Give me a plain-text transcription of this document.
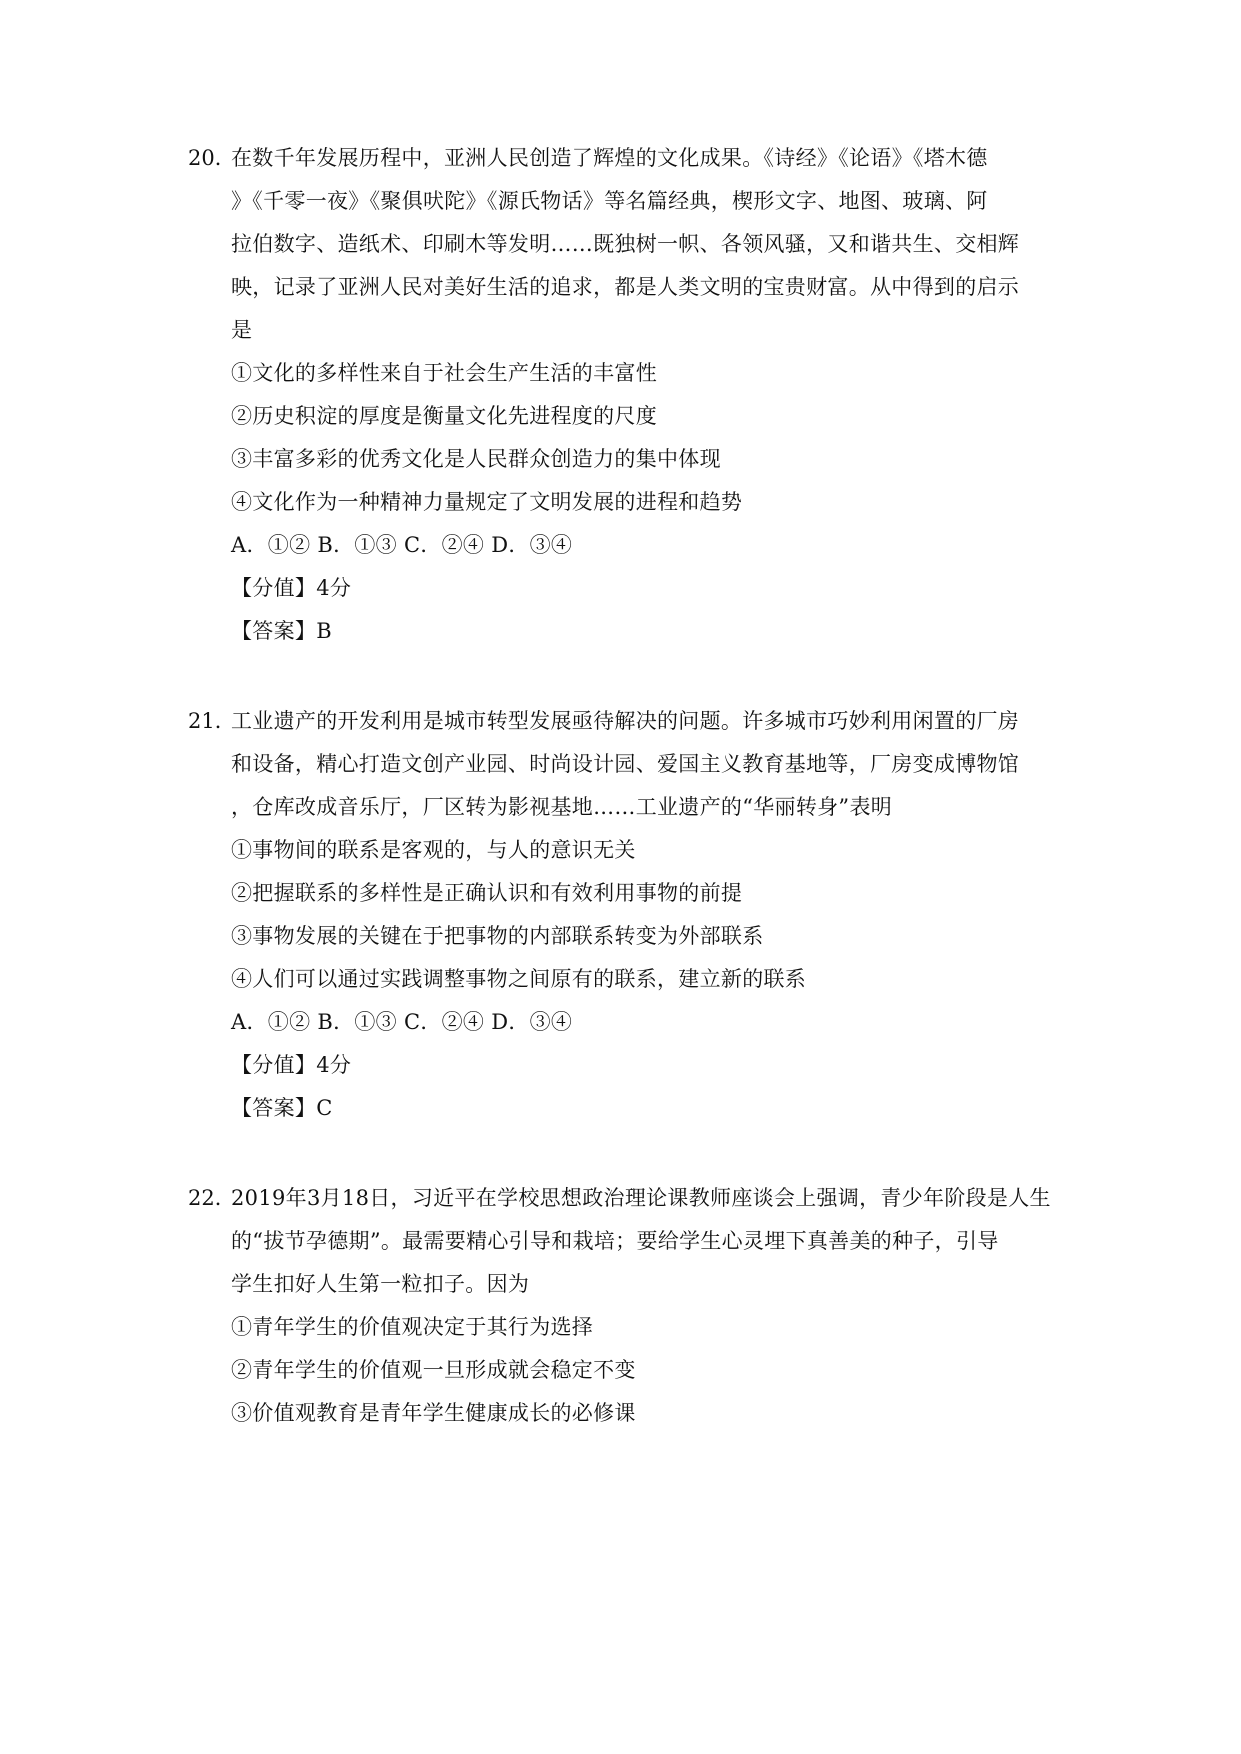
20．
在数千年发展历程中，亚洲人民创造了辉煌的文化成果。《诗经》《论语》《塔木德
》《千零一夜》《聚俱吠陀》《源氏物话》等名篇经典，楔形文字、地图、玻璃、阿
拉伯数字、造纸术、印刷木等发明……既独树一帜、各领风骚，又和谐共生、交相辉
映，记录了亚洲人民对美好生活的追求，都是人类文明的宝贵财富。从中得到的启示
是
①文化的多样性来自于社会生产生活的丰富性
②历史积淀的厚度是衡量文化先进程度的尺度
③丰富多彩的优秀文化是人民群众创造力的集中体现
④文化作为一种精神力量规定了文明发展的进程和趋势
A．①② B．①③ C．②④ D．③④
【分值】4分
【答案】B
21．
工业遗产的开发利用是城市转型发展亟待解决的问题。许多城市巧妙利用闲置的厂房
和设备，精心打造文创产业园、时尚设计园、爱国主义教育基地等，厂房变成博物馆
，仓库改成音乐厅，厂区转为影视基地……工业遗产的“华丽转身”表明
①事物间的联系是客观的，与人的意识无关
②把握联系的多样性是正确认识和有效利用事物的前提
③事物发展的关键在于把事物的内部联系转变为外部联系
④人们可以通过实践调整事物之间原有的联系，建立新的联系
A．①② B．①③ C．②④ D．③④
【分值】4分
【答案】C
22．
2019年3月18日，习近平在学校思想政治理论课教师座谈会上强调，青少年阶段是人生
的“拔节孕德期”。最需要精心引导和栽培；要给学生心灵埋下真善美的种子，引导
学生扣好人生第一粒扣子。因为
①青年学生的价值观决定于其行为选择
②青年学生的价值观一旦形成就会稳定不变
③价值观教育是青年学生健康成长的必修课
